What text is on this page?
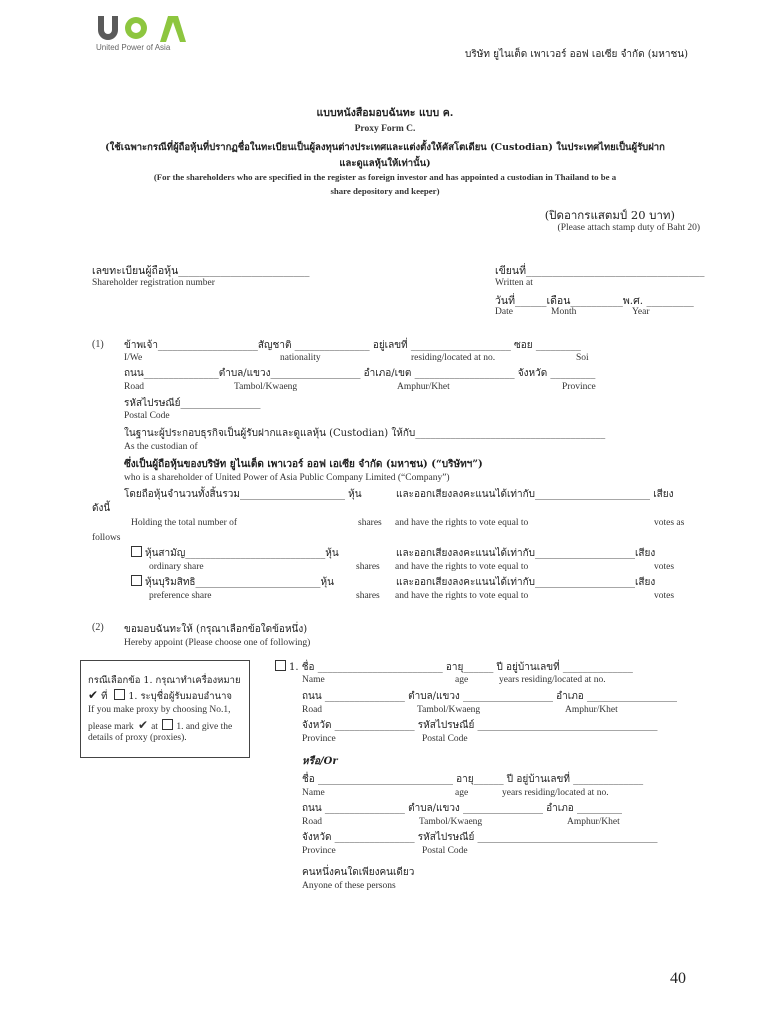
United Power of Asia
บริษัท ยูไนเต็ด เพาเวอร์ ออฟ เอเซีย จำกัด (มหาชน)
แบบหนังสือมอบฉันทะ แบบ ค.
Proxy Form C.
(ใช้เฉพาะกรณีที่ผู้ถือหุ้นที่ปรากฏชื่อในทะเบียนเป็นผู้ลงทุนต่างประเทศและแต่งตั้งให้คัสโตเดียน (Custodian) ในประเทศไทยเป็นผู้รับฝาก
และดูแลหุ้นให้เท่านั้น)
(For the shareholders who are specified in the register as foreign investor and has appointed a custodian in Thailand to be a
share depository and keeper)
(ปิดอากรแสตมป์ 20 บาท)
(Please attach stamp duty of Baht 20)
เลขทะเบียนผู้ถือหุ้น_________________________
Shareholder registration number
เขียนที่__________________________________
Written at
วันที่______เดือน__________พ.ศ. _________
Date	Month	Year
(1) ข้าพเจ้า____________________สัญชาติ _______________ อยู่เลขที่ ____________________ ซอย _________
I/We	nationality	residing/located at no.	Soi
ถนน_______________ตำบล/แขวง__________________ อำเภอ/เขต ____________________ จังหวัด _________
Road	Tambol/Kwaeng	Amphur/Khet	Province
รหัสไปรษณีย์________________
Postal Code
ในฐานะผู้ประกอบธุรกิจเป็นผู้รับฝากและดูแลหุ้น (Custodian) ให้กับ______________________________________
As the custodian of
ซึ่งเป็นผู้ถือหุ้นของบริษัท ยูไนเต็ด เพาเวอร์ ออฟ เอเซีย จำกัด (มหาชน) (“บริษัทฯ”)
who is a shareholder of United Power of Asia Public Company Limited (“Company”)
โดยถือหุ้นจำนวนทั้งสิ้นรวม_____________________ หุ้น	และออกเสียงลงคะแนนได้เท่ากับ_______________________ เสียง
ดังนี้
Holding the total number of	shares and have the rights to vote equal to	votes as
follows
หุ้นสามัญ____________________________หุ้น	และออกเสียงลงคะแนนได้เท่ากับ____________________เสียง
ordinary share	shares and have the rights to vote equal to	votes
หุ้นบุริมสิทธิ_________________________หุ้น	และออกเสียงลงคะแนนได้เท่ากับ____________________เสียง
preference share	shares and have the rights to vote equal to	votes
(2) ขอมอบฉันทะให้ (กรุณาเลือกข้อใดข้อหนึ่ง)
Hereby appoint (Please choose one of following)
กรณีเลือกข้อ 1. กรุณาทำเครื่องหมาย
✔ ที่ 1. ระบุชื่อผู้รับมอบอำนาจ
If you make proxy by choosing No.1,
please mark ✔ at 1. and give the
details of proxy (proxies).
1. ชื่อ _________________________ อายุ______ ปี อยู่บ้านเลขที่ ______________
Name	age	years residing/located at no.
ถนน ________________ ตำบล/แขวง __________________ อำเภอ __________________
Road	Tambol/Kwaeng	Amphur/Khet
จังหวัด ________________ รหัสไปรษณีย์ ____________________________________
Province	Postal Code
หรือ/Or
ชื่อ ___________________________ อายุ______ ปี อยู่บ้านเลขที่ ______________
Name	age	years residing/located at no.
ถนน ________________ ตำบล/แขวง ________________ อำเภอ _________
Road	Tambol/Kwaeng	Amphur/Khet
จังหวัด ________________ รหัสไปรษณีย์ ____________________________________
Province	Postal Code
คนหนึ่งคนใดเพียงคนเดียว
Anyone of these persons
40
